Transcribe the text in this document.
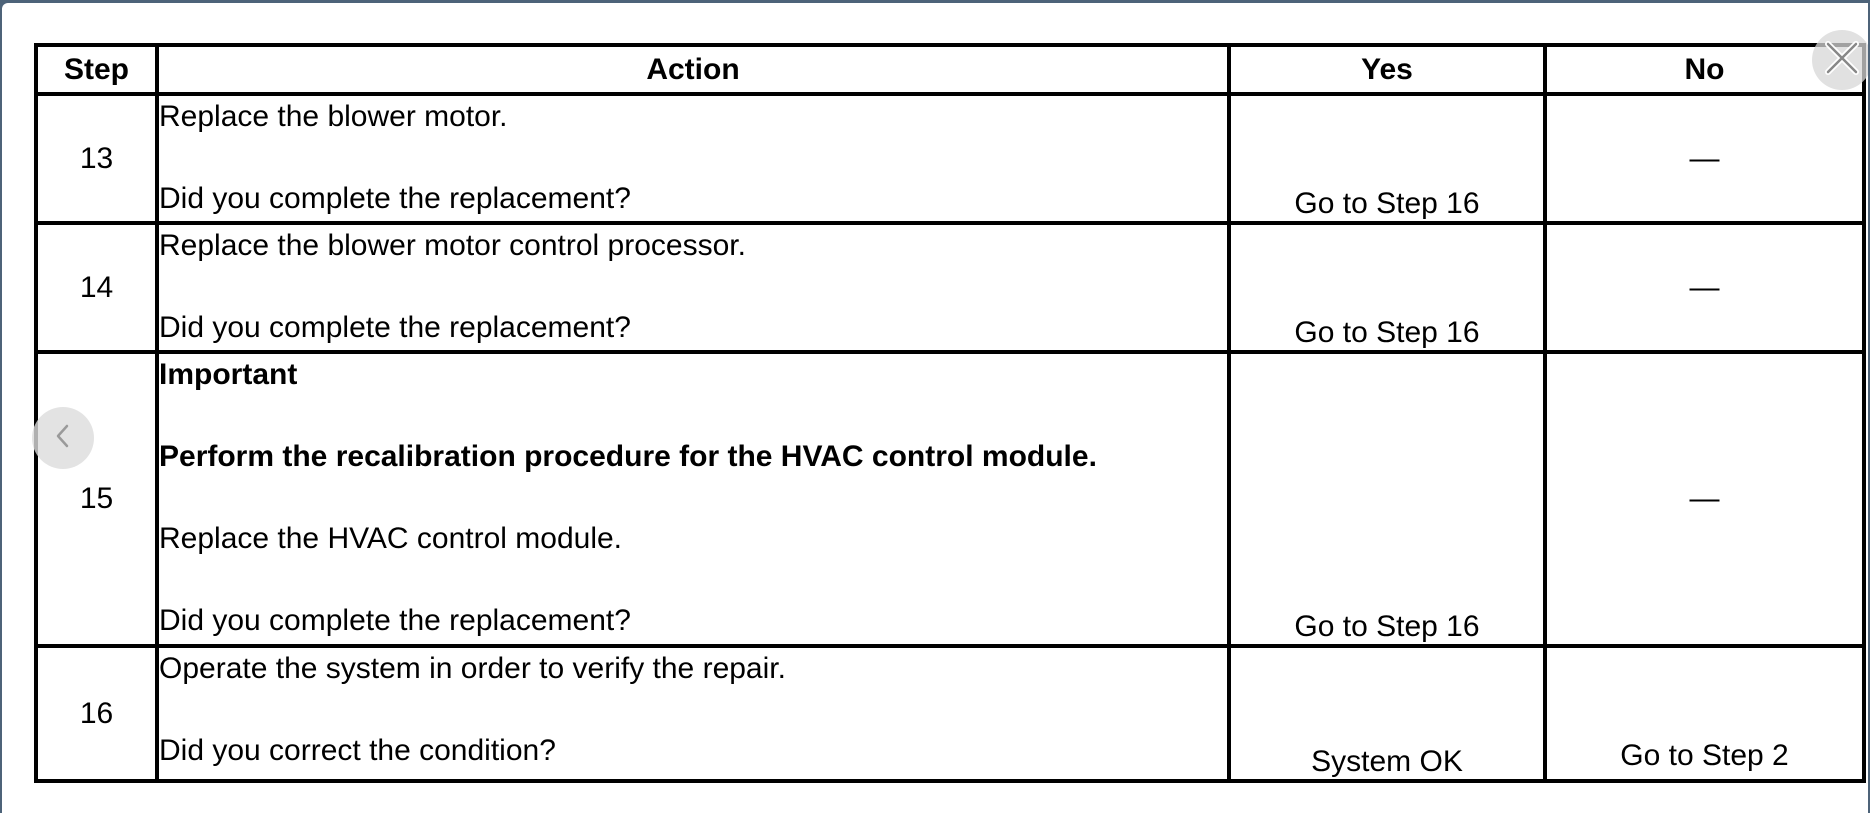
Step	Action	Yes	No
13	Replace the blower motor.

Did you complete the replacement?	Go to Step 16	—
14	Replace the blower motor control processor.

Did you complete the replacement?	Go to Step 16	—
15	Important

Perform the recalibration procedure for the HVAC control module.

Replace the HVAC control module.

Did you complete the replacement?	Go to Step 16	—
16	Operate the system in order to verify the repair.

Did you correct the condition?	System OK	Go to Step 2
